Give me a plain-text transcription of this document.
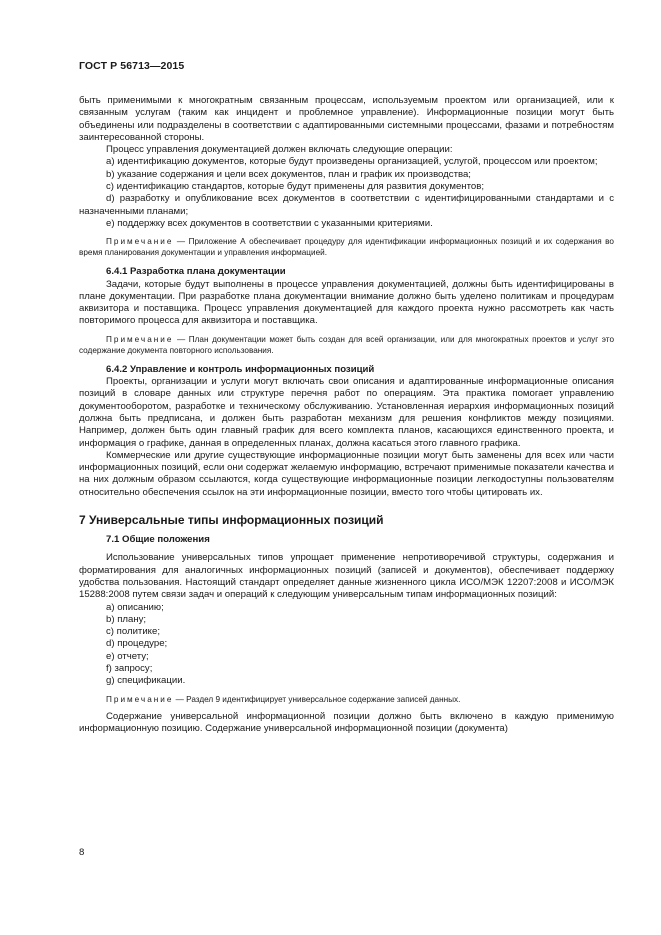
ГОСТ Р 56713—2015

быть применимыми к многократным связанным процессам, используемым проектом или организацией, или к связанным услугам (таким как инцидент и проблемное управление). Информационные позиции могут быть объединены или подразделены в соответствии с адаптированными системными процессами, фазами и потребностям заинтересованной стороны.

Процесс управления документацией должен включать следующие операции:

a) идентификацию документов, которые будут произведены организацией, услугой, процессом или проектом;

b) указание содержания и цели всех документов, план и график их производства;

c) идентификацию стандартов, которые будут применены для развития документов;

d) разработку и опубликование всех документов в соответствии с идентифицированными стандартами и с назначенными планами;

e) поддержку всех документов в соответствии с указанными критериями.

Примечание — Приложение А обеспечивает процедуру для идентификации информационных позиций и их содержания во время планирования документации и управления информацией.

6.4.1 Разработка плана документации

Задачи, которые будут выполнены в процессе управления документацией, должны быть идентифицированы в плане документации. При разработке плана документации внимание должно быть уделено политикам и процедурам аквизитора и поставщика. Процесс управления документацией для каждого проекта нужно рассмотреть как часть повторимого процесса для аквизитора и поставщика.

Примечание — План документации может быть создан для всей организации, или для многократных проектов и услуг это содержание документа повторного использования.

6.4.2 Управление и контроль информационных позиций

Проекты, организации и услуги могут включать свои описания и адаптированные информационные описания позиций в словаре данных или структуре перечня работ по операциям. Эта практика помогает управлению документооборотом, разработке и техническому обслуживанию. Установленная иерархия информационных позиций должна быть предписана, и должен быть разработан механизм для решения конфликтов между позициями. Например, должен быть один главный график для всего комплекта планов, касающихся единственного проекта, и информация о графике, данная в определенных планах, должна касаться этого главного графика.

Коммерческие или другие существующие информационные позиции могут быть заменены для всех или части информационных позиций, если они содержат желаемую информацию, встречают применимые показатели качества и на них должным образом ссылаются, когда существующие информационные позиции легкодоступны пользователям относительно обеспечения ссылок на эти информационные позиции, вместо того чтобы цитировать их.

7 Универсальные типы информационных позиций

7.1 Общие положения

Использование универсальных типов упрощает применение непротиворечивой структуры, содержания и форматирования для аналогичных информационных позиций (записей и документов), обеспечивает поддержку удобства пользования. Настоящий стандарт определяет данные жизненного цикла ИСО/МЭК 12207:2008 и ИСО/МЭК 15288:2008 путем связи задач и операций к следующим универсальным типам информационных позиций:

a) описанию;

b) плану;

c) политике;

d) процедуре;

e) отчету;

f) запросу;

g) спецификации.

Примечание — Раздел 9 идентифицирует универсальное содержание записей данных.

Содержание универсальной информационной позиции должно быть включено в каждую применимую информационную позицию. Содержание универсальной информационной позиции (документа)

8
